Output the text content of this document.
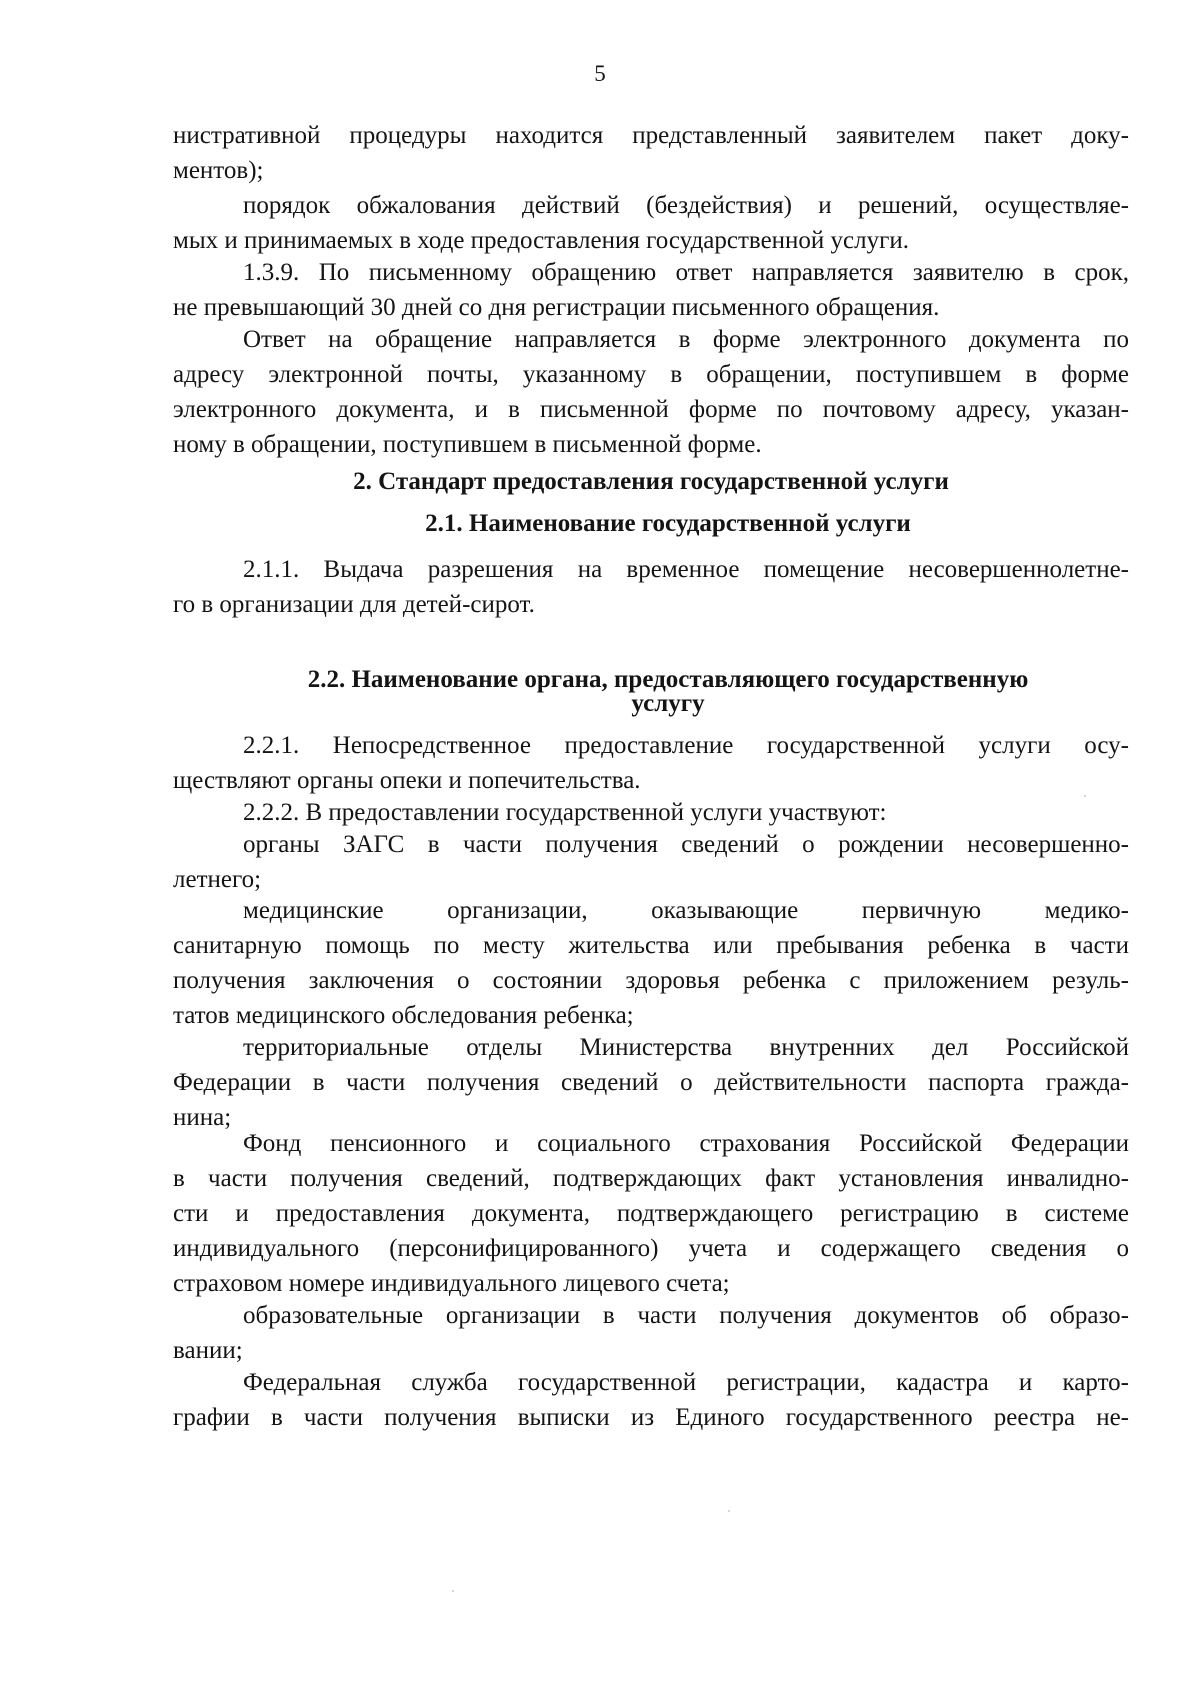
5

нистративной процедуры находится представленный заявителем пакет доку-
ментов);

порядок обжалования действий (бездействия) и решений, осуществляе-
мых и принимаемых в ходе предоставления государственной услуги.

1.3.9. По письменному обращению ответ направляется заявителю в срок,
не превышающий 30 дней со дня регистрации письменного обращения.

Ответ на обращение направляется в форме электронного документа по
адресу электронной почты, указанному в обращении, поступившем в форме
электронного документа, и в письменной форме по почтовому адресу, указан-
ному в обращении, поступившем в письменной форме.

2. Стандарт предоставления государственной услуги
2.1. Наименование государственной услуги

2.1.1. Выдача разрешения на временное помещение несовершеннолетне-
го в организации для детей-сирот.

2.2. Наименование органа, предоставляющего государственную
услугу

2.2.1. Непосредственное предоставление государственной услуги осу-
ществляют органы опеки и попечительства.

2.2.2. В предоставлении государственной услуги участвуют:

органы ЗАГС в части получения сведений о рождении несовершенно-
летнего;

медицинские организации, оказывающие первичную медико-
санитарную помощь по месту жительства или пребывания ребенка в части
получения заключения о состоянии здоровья ребенка с приложением резуль-
татов медицинского обследования ребенка;

территориальные отделы Министерства внутренних дел Российской
Федерации в части получения сведений о действительности паспорта гражда-
нина;

Фонд пенсионного и социального страхования Российской Федерации
в части получения сведений, подтверждающих факт установления инвалидно-
сти и предоставления документа, подтверждающего регистрацию в системе
индивидуального (персонифицированного) учета и содержащего сведения о
страховом номере индивидуального лицевого счета;

образовательные организации в части получения документов об образо-
вании;

Федеральная служба государственной регистрации, кадастра и карто-
графии в части получения выписки из Единого государственного реестра не-
